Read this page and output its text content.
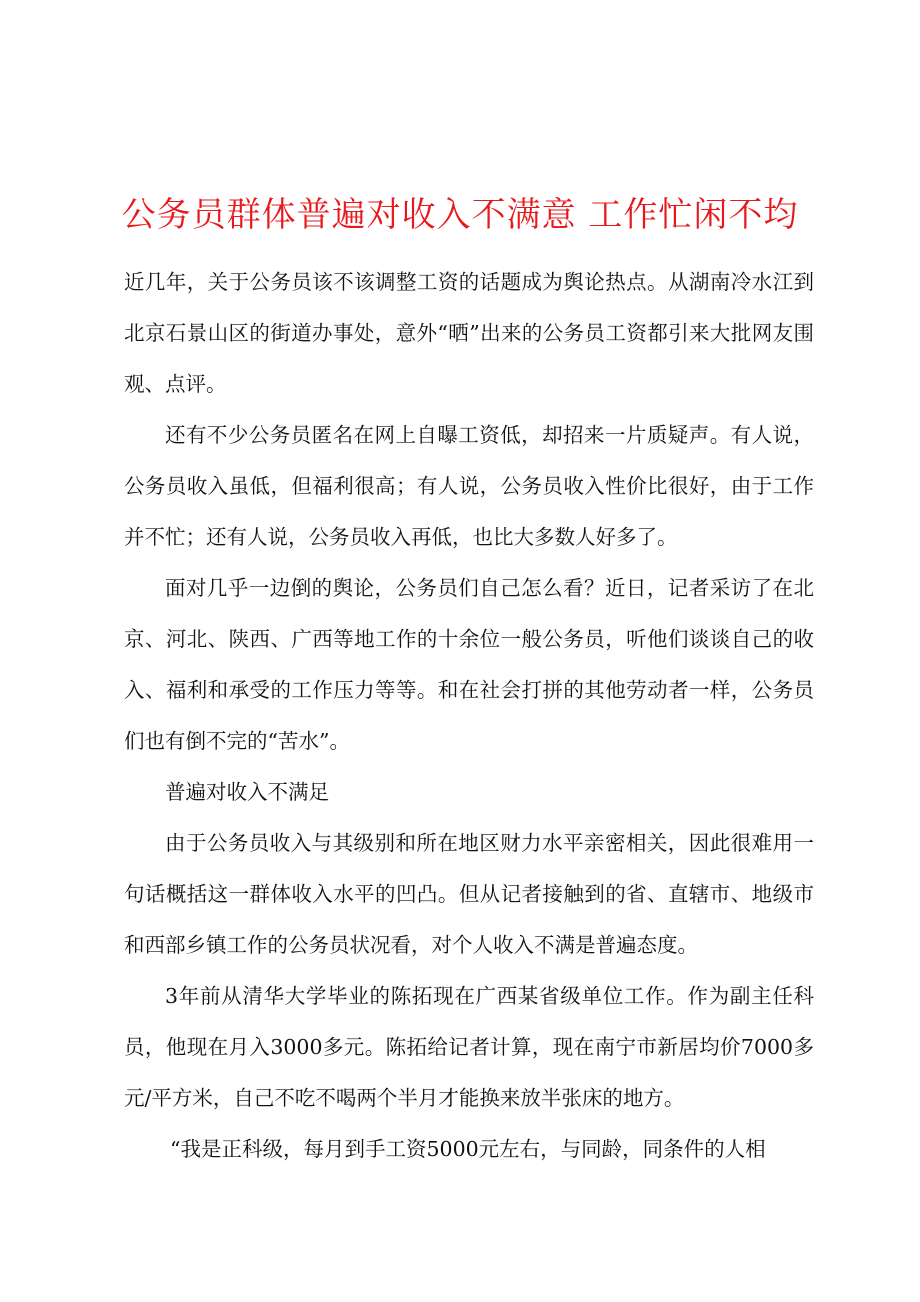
公务员群体普遍对收入不满意 工作忙闲不均

近几年，关于公务员该不该调整工资的话题成为舆论热点。从湖南冷水江到北京石景山区的街道办事处，意外“晒”出来的公务员工资都引来大批网友围观、点评。

还有不少公务员匿名在网上自曝工资低，却招来一片质疑声。有人说，公务员收入虽低，但福利很高；有人说，公务员收入性价比很好，由于工作并不忙；还有人说，公务员收入再低，也比大多数人好多了。

面对几乎一边倒的舆论，公务员们自己怎么看？近日，记者采访了在北京、河北、陕西、广西等地工作的十余位一般公务员，听他们谈谈自己的收入、福利和承受的工作压力等等。和在社会打拼的其他劳动者一样，公务员们也有倒不完的“苦水”。

普遍对收入不满足

由于公务员收入与其级别和所在地区财力水平亲密相关，因此很难用一句话概括这一群体收入水平的凹凸。但从记者接触到的省、直辖市、地级市和西部乡镇工作的公务员状况看，对个人收入不满是普遍态度。

3年前从清华大学毕业的陈拓现在广西某省级单位工作。作为副主任科员，他现在月入3000多元。陈拓给记者计算，现在南宁市新居均价7000多元/平方米，自己不吃不喝两个半月才能换来放半张床的地方。

“我是正科级，每月到手工资5000元左右，与同龄，同条件的人相
